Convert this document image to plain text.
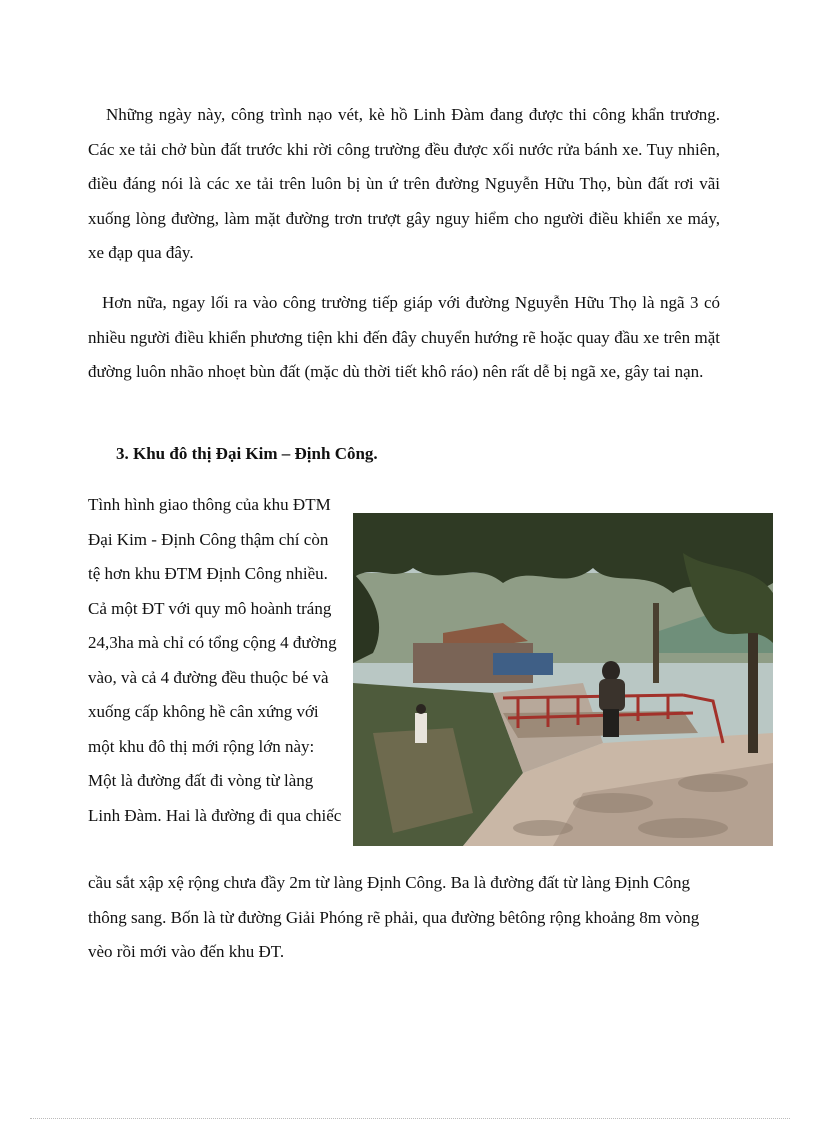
Những ngày này, công trình nạo vét, kè hồ Linh Đàm đang được thi công khẩn trương. Các xe tải chở bùn đất trước khi rời công trường đều được xối nước rửa bánh xe. Tuy nhiên, điều đáng nói là các xe tải trên luôn bị ùn ứ trên đường Nguyễn Hữu Thọ, bùn đất rơi vãi xuống lòng đường, làm mặt đường trơn trượt gây nguy hiểm cho người điều khiển xe máy, xe đạp qua đây.

Hơn nữa, ngay lối ra vào công trường tiếp giáp với đường Nguyễn Hữu Thọ là ngã 3 có nhiều người điều khiển phương tiện khi đến đây chuyển hướng rẽ hoặc quay đầu xe trên mặt đường luôn nhão nhoẹt bùn đất (mặc dù thời tiết khô ráo) nên rất dễ bị ngã xe, gây tai nạn.

3. Khu đô thị Đại Kim – Định Công.

Tình hình giao thông của khu ĐTM Đại Kim - Định Công thậm chí còn tệ hơn khu ĐTM Định Công nhiều. Cả một ĐT với quy mô hoành tráng 24,3ha mà chỉ có tổng cộng 4 đường vào, và cả 4 đường đều thuộc bé và xuống cấp không hề cân xứng với một khu đô thị mới rộng lớn này: Một là đường đất đi vòng từ làng Linh Đàm. Hai là đường đi qua chiếc

cầu sắt xập xệ rộng chưa đầy 2m từ làng Định Công. Ba là đường đất từ làng Định Công thông sang. Bốn là từ đường Giải Phóng rẽ phải, qua đường bêtông rộng khoảng 8m vòng vèo rồi mới vào đến khu ĐT.
